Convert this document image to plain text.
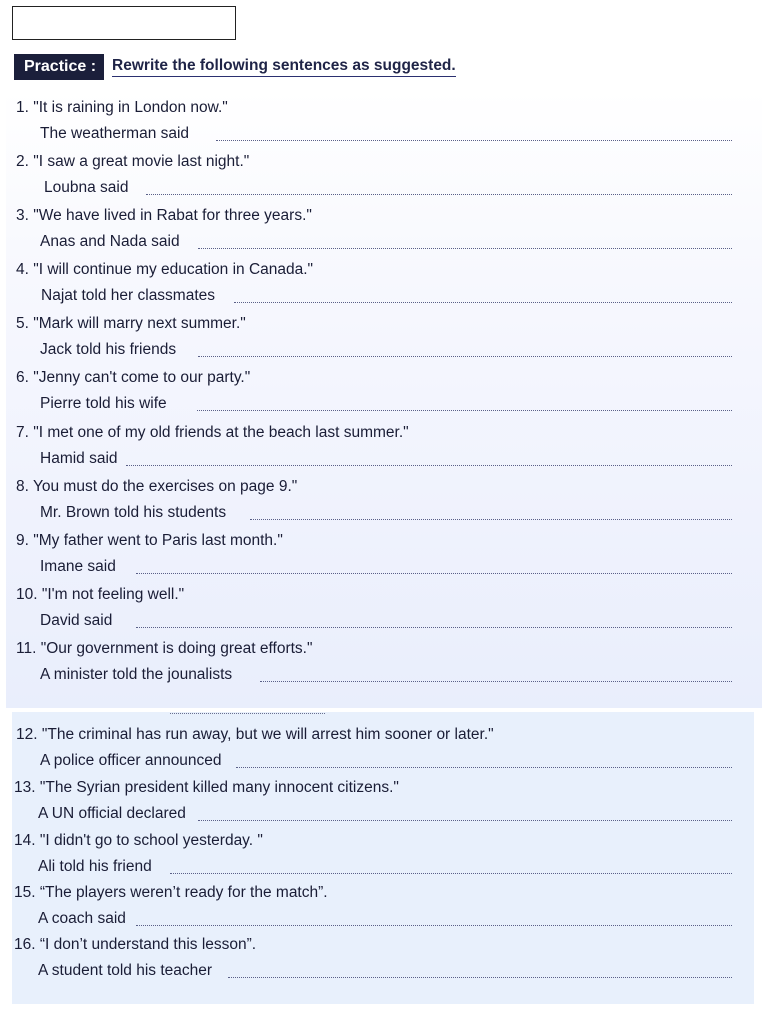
Practice :	Rewrite the following sentences as suggested.
1. "It is raining in London now."
The weatherman said
2. "I saw a great movie last night."
Loubna said
3. "We have lived in Rabat for three years."
Anas and Nada said
4. "I will continue my education in Canada."
Najat told her classmates
5. "Mark will marry next summer."
Jack told his friends
6. "Jenny can't come to our party."
Pierre told his wife
7. "I met one of my old friends at the beach last summer."
Hamid said
8. You must do the exercises on page 9."
Mr. Brown told his students
9. "My father went to Paris last month."
Imane said
10. "I'm not feeling well."
David said
11. "Our government is doing great efforts."
A minister told the jounalists
12. "The criminal has run away, but we will arrest him sooner or later."
A police officer announced
13. "The Syrian president killed many innocent citizens."
A UN official declared
14. "I didn't go to school yesterday. "
Ali told his friend
15. “The players weren’t ready for the match”.
A coach said
16. “I don’t understand this lesson”.
A student told his teacher
